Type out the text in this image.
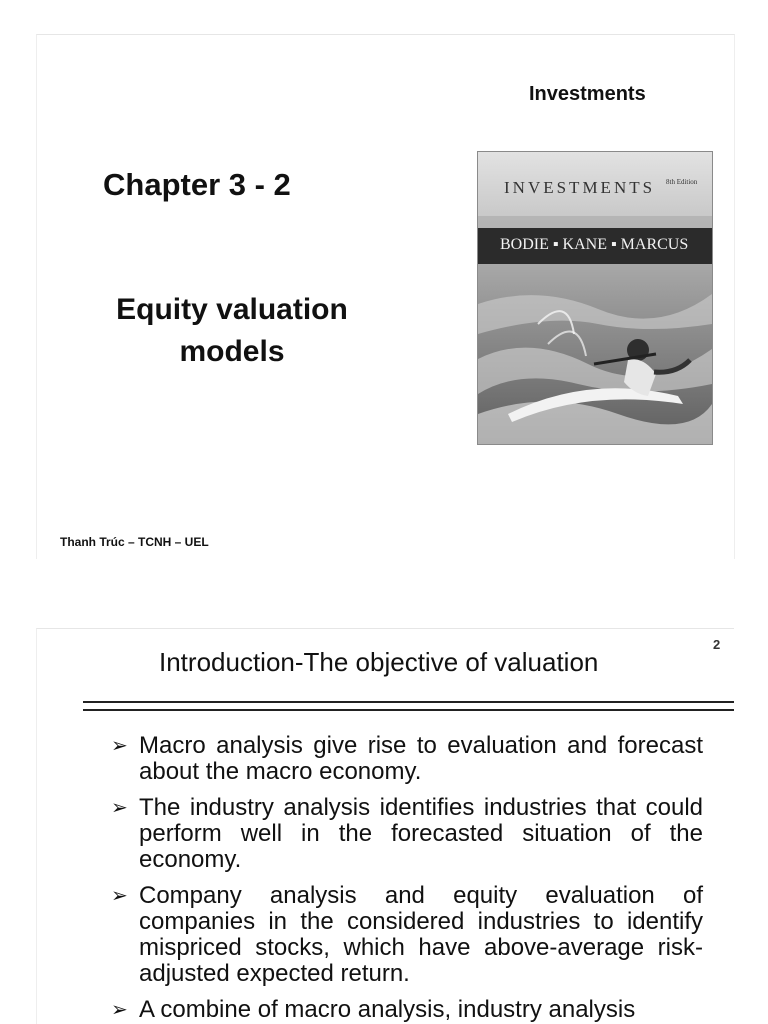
Investments
Chapter 3 - 2
Equity valuation
models
INVESTMENTS 8th Edition
BODIE ▪ KANE ▪ MARCUS
Thanh Trúc – TCNH – UEL
2
Introduction-The objective of valuation
➢ Macro analysis give rise to evaluation and forecast about the macro economy.
➢ The industry analysis identifies industries that could perform well in the forecasted situation of the economy.
➢ Company analysis and equity evaluation of companies in the considered industries to identify mispriced stocks, which have above-average risk-adjusted expected return.
➢ A combine of macro analysis, industry analysis
